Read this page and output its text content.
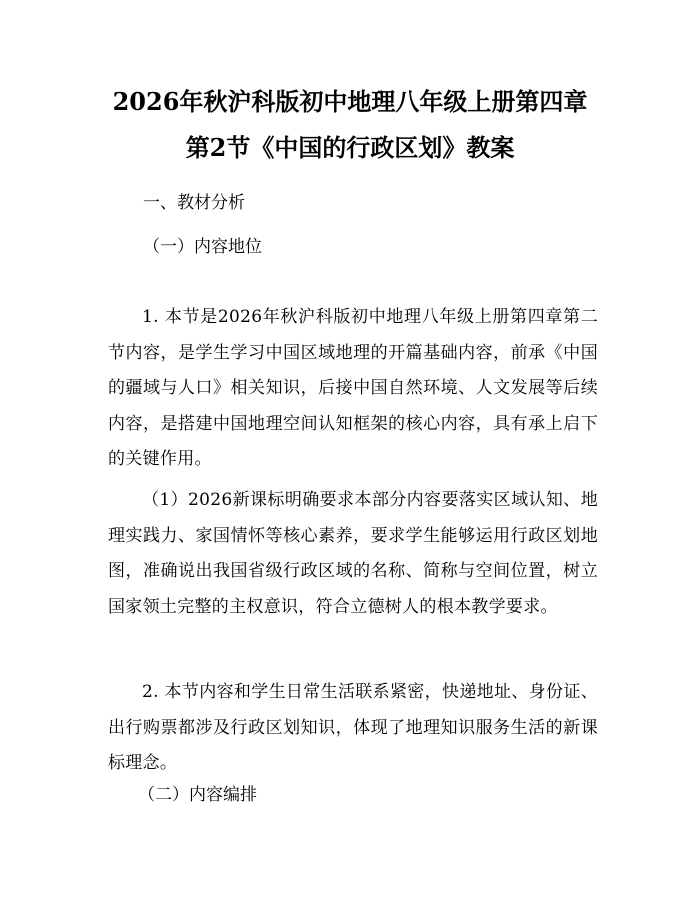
2026年秋沪科版初中地理八年级上册第四章
第2节《中国的行政区划》教案
一、教材分析
（一）内容地位

1. 本节是2026年秋沪科版初中地理八年级上册第四章第二节内容，是学生学习中国区域地理的开篇基础内容，前承《中国的疆域与人口》相关知识，后接中国自然环境、人文发展等后续内容，是搭建中国地理空间认知框架的核心内容，具有承上启下的关键作用。

（1）2026新课标明确要求本部分内容要落实区域认知、地理实践力、家国情怀等核心素养，要求学生能够运用行政区划地图，准确说出我国省级行政区域的名称、简称与空间位置，树立国家领土完整的主权意识，符合立德树人的根本教学要求。

2. 本节内容和学生日常生活联系紧密，快递地址、身份证、出行购票都涉及行政区划知识，体现了地理知识服务生活的新课标理念。

（二）内容编排
